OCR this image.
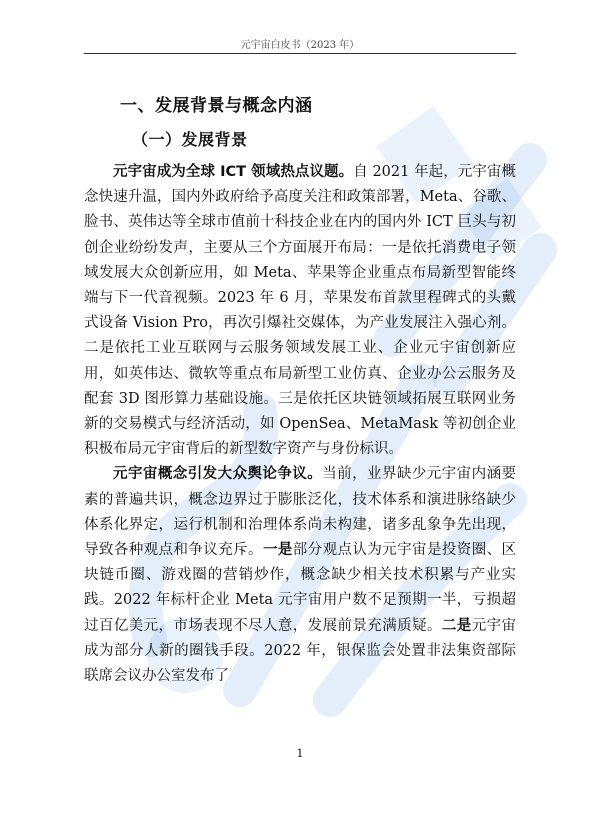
元宇宙白皮书（2023 年）
一、发展背景与概念内涵
（一）发展背景

元宇宙成为全球 ICT 领域热点议题。自 2021 年起，元宇宙概念快速升温，国内外政府给予高度关注和政策部署，Meta、谷歌、脸书、英伟达等全球市值前十科技企业在内的国内外 ICT 巨头与初创企业纷纷发声，主要从三个方面展开布局：一是依托消费电子领域发展大众创新应用，如 Meta、苹果等企业重点布局新型智能终端与下一代音视频。2023 年 6 月，苹果发布首款里程碑式的头戴式设备 Vision Pro，再次引爆社交媒体，为产业发展注入强心剂。二是依托工业互联网与云服务领域发展工业、企业元宇宙创新应用，如英伟达、微软等重点布局新型工业仿真、企业办公云服务及配套 3D 图形算力基础设施。三是依托区块链领域拓展互联网业务新的交易模式与经济活动，如 OpenSea、MetaMask 等初创企业积极布局元宇宙背后的新型数字资产与身份标识。

元宇宙概念引发大众舆论争议。当前，业界缺少元宇宙内涵要素的普遍共识，概念边界过于膨胀泛化，技术体系和演进脉络缺少体系化界定，运行机制和治理体系尚未构建，诸多乱象争先出现，导致各种观点和争议充斥。一是部分观点认为元宇宙是投资圈、区块链币圈、游戏圈的营销炒作，概念缺少相关技术积累与产业实践。2022 年标杆企业 Meta 元宇宙用户数不足预期一半，亏损超过百亿美元，市场表现不尽人意，发展前景充满质疑。二是元宇宙成为部分人新的圈钱手段。2022 年，银保监会处置非法集资部际联席会议办公室发布了

1
